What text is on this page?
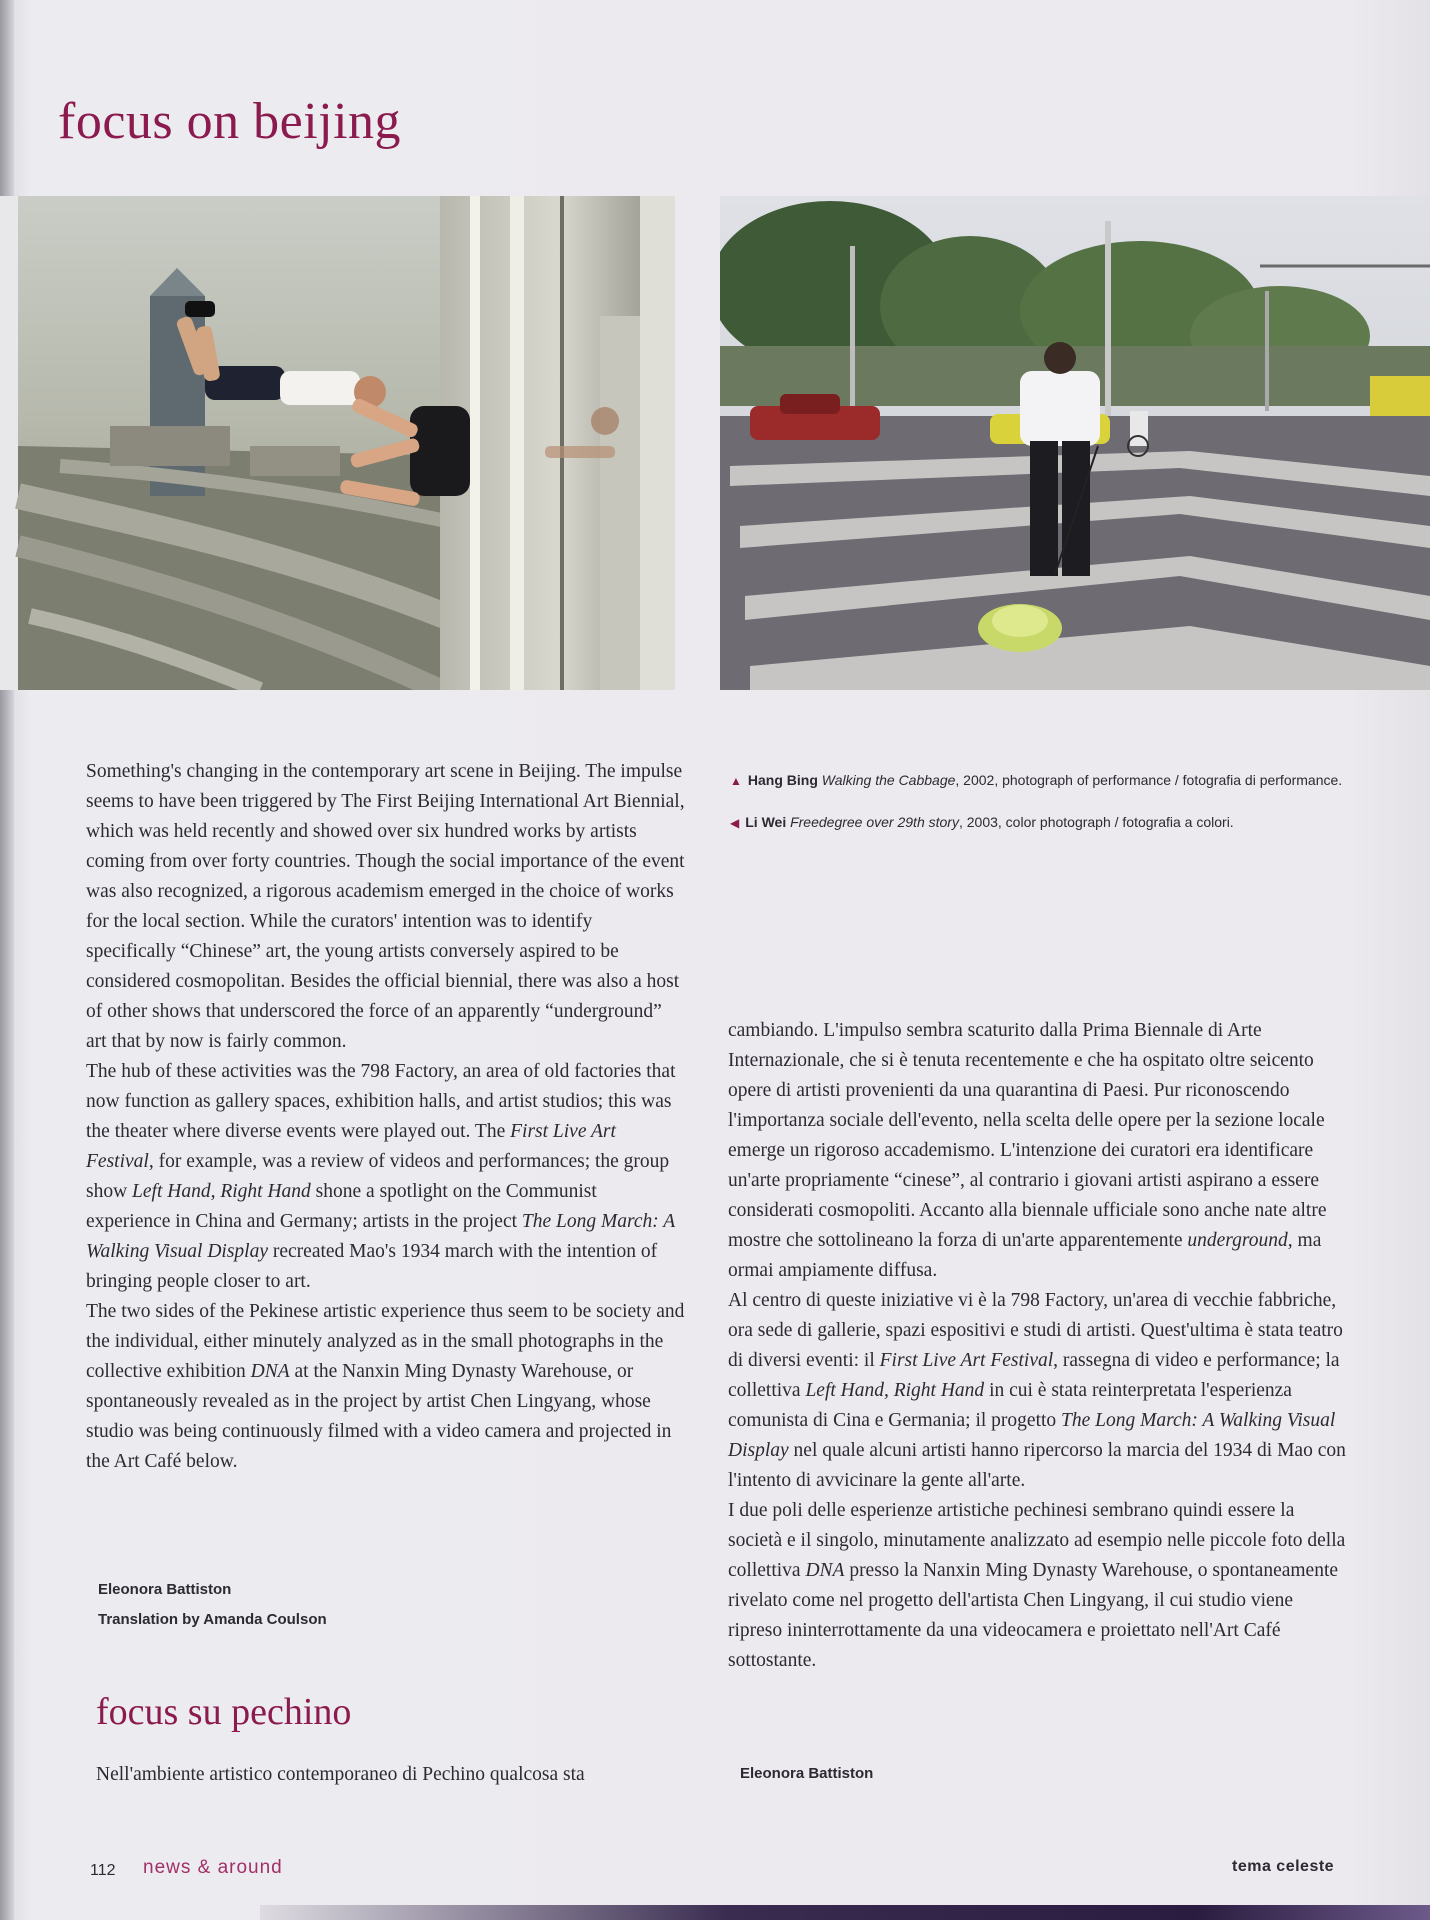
focus on beijing
▲ Hang Bing Walking the Cabbage, 2002, photograph of performance / fotografia di performance.
◀ Li Wei Freedegree over 29th story, 2003, color photograph / fotografia a colori.

Something's changing in the contemporary art scene in Beijing. The impulse seems to have been triggered by The First Beijing International Art Biennial, which was held recently and showed over six hundred works by artists coming from over forty countries. Though the social importance of the event was also recognized, a rigorous academism emerged in the choice of works for the local section. While the curators' intention was to identify specifically “Chinese” art, the young artists conversely aspired to be considered cosmopolitan. Besides the official biennial, there was also a host of other shows that underscored the force of an apparently “underground” art that by now is fairly common.

The hub of these activities was the 798 Factory, an area of old factories that now function as gallery spaces, exhibition halls, and artist studios; this was the theater where diverse events were played out. The First Live Art Festival, for example, was a review of videos and performances; the group show Left Hand, Right Hand shone a spotlight on the Communist experience in China and Germany; artists in the project The Long March: A Walking Visual Display recreated Mao's 1934 march with the intention of bringing people closer to art.

The two sides of the Pekinese artistic experience thus seem to be society and the individual, either minutely analyzed as in the small photographs in the collective exhibition DNA at the Nanxin Ming Dynasty Warehouse, or spontaneously revealed as in the project by artist Chen Lingyang, whose studio was being continuously filmed with a video camera and projected in the Art Café below.

Eleonora Battiston
Translation by Amanda Coulson
focus su pechino
Nell'ambiente artistico contemporaneo di Pechino qualcosa sta

cambiando. L'impulso sembra scaturito dalla Prima Biennale di Arte Internazionale, che si è tenuta recentemente e che ha ospitato oltre seicento opere di artisti provenienti da una quarantina di Paesi. Pur riconoscendo l'importanza sociale dell'evento, nella scelta delle opere per la sezione locale emerge un rigoroso accademismo. L'intenzione dei curatori era identificare un'arte propriamente “cinese”, al contrario i giovani artisti aspirano a essere considerati cosmopoliti. Accanto alla biennale ufficiale sono anche nate altre mostre che sottolineano la forza di un'arte apparentemente underground, ma ormai ampiamente diffusa.

Al centro di queste iniziative vi è la 798 Factory, un'area di vecchie fabbriche, ora sede di gallerie, spazi espositivi e studi di artisti. Quest'ultima è stata teatro di diversi eventi: il First Live Art Festival, rassegna di video e performance; la collettiva Left Hand, Right Hand in cui è stata reinterpretata l'esperienza comunista di Cina e Germania; il progetto The Long March: A Walking Visual Display nel quale alcuni artisti hanno ripercorso la marcia del 1934 di Mao con l'intento di avvicinare la gente all'arte.

I due poli delle esperienze artistiche pechinesi sembrano quindi essere la società e il singolo, minutamente analizzato ad esempio nelle piccole foto della collettiva DNA presso la Nanxin Ming Dynasty Warehouse, o spontaneamente rivelato come nel progetto dell'artista Chen Lingyang, il cui studio viene ripreso ininterrottamente da una videocamera e proiettato nell'Art Café sottostante.

Eleonora Battiston
112 news & around	tema celeste
